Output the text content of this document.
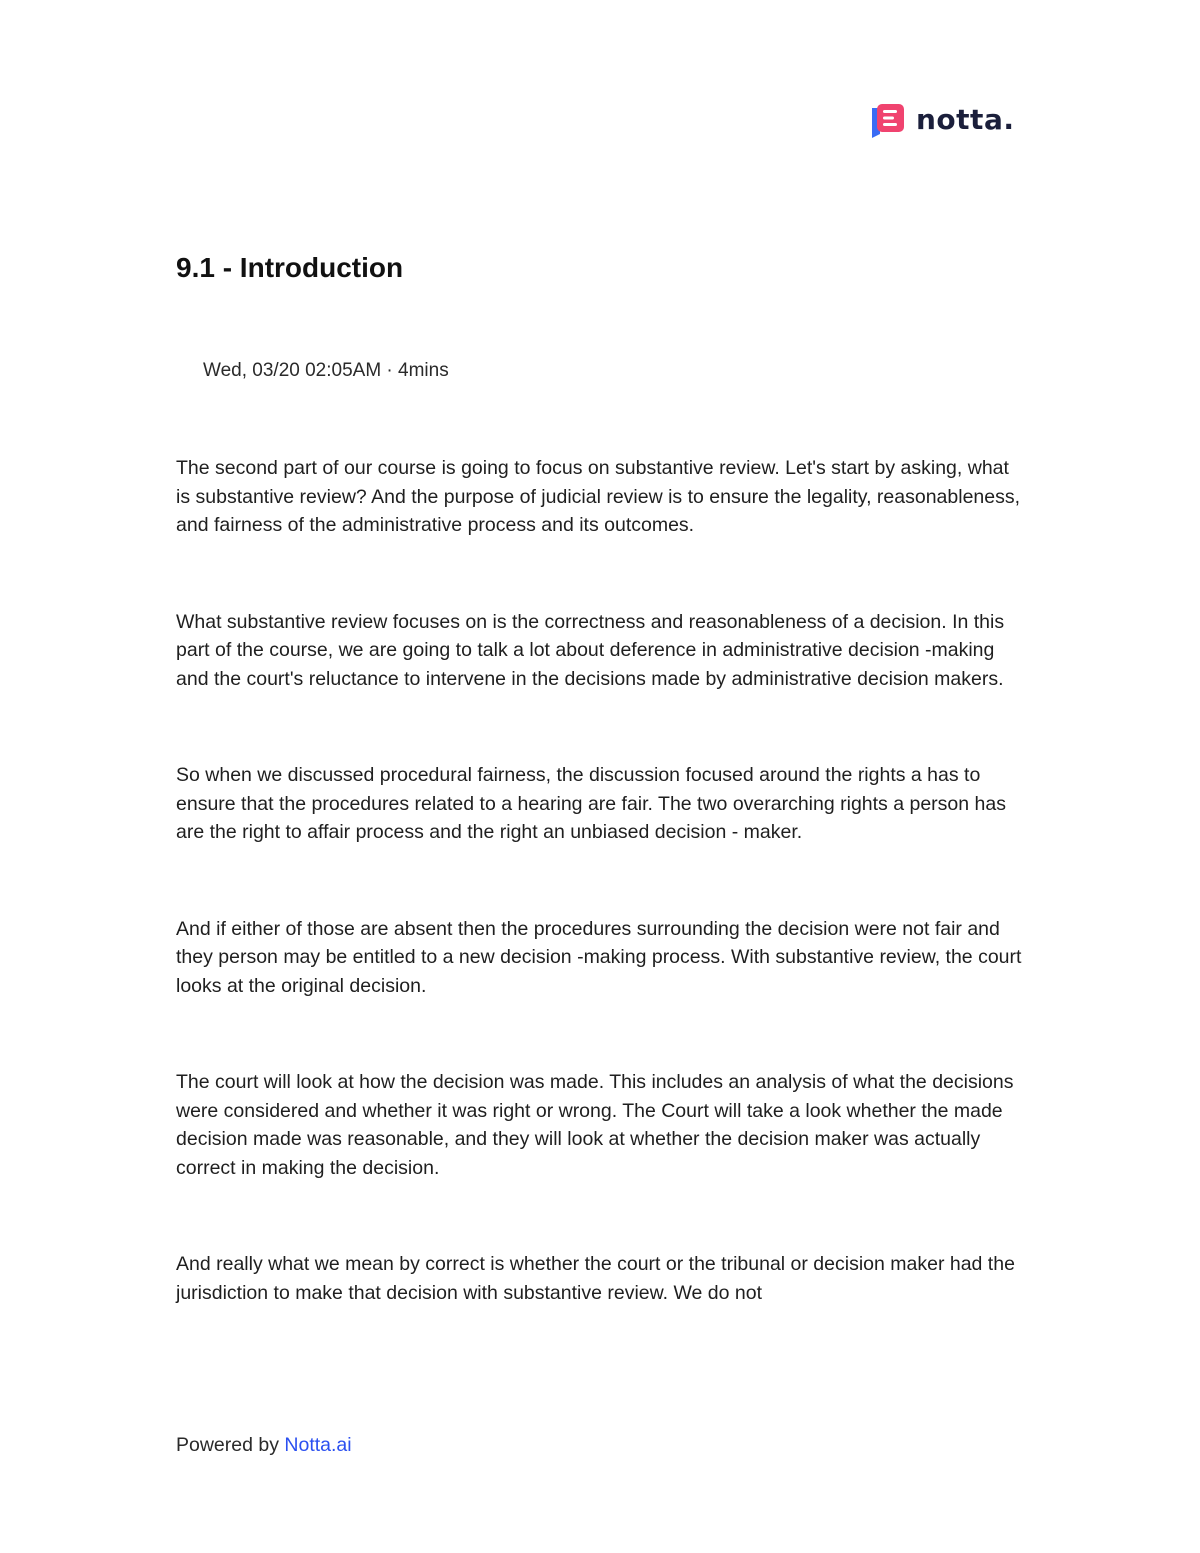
notta.
9.1 - Introduction
Wed, 03/20 02:05AM · 4mins

The second part of our course is going to focus on substantive review. Let's start by asking, what is substantive review? And the purpose of judicial review is to ensure the legality, reasonableness, and fairness of the administrative process and its outcomes.

What substantive review focuses on is the correctness and reasonableness of a decision. In this part of the course, we are going to talk a lot about deference in administrative decision -making and the court's reluctance to intervene in the decisions made by administrative decision makers.

So when we discussed procedural fairness, the discussion focused around the rights a has to ensure that the procedures related to a hearing are fair. The two overarching rights a person has are the right to affair process and the right an unbiased decision - maker.

And if either of those are absent then the procedures surrounding the decision were not fair and they person may be entitled to a new decision -making process. With substantive review, the court looks at the original decision.

The court will look at how the decision was made. This includes an analysis of what the decisions were considered and whether it was right or wrong. The Court will take a look whether the made decision made was reasonable, and they will look at whether the decision maker was actually correct in making the decision.

And really what we mean by correct is whether the court or the tribunal or decision maker had the jurisdiction to make that decision with substantive review. We do not

Powered by Notta.ai
